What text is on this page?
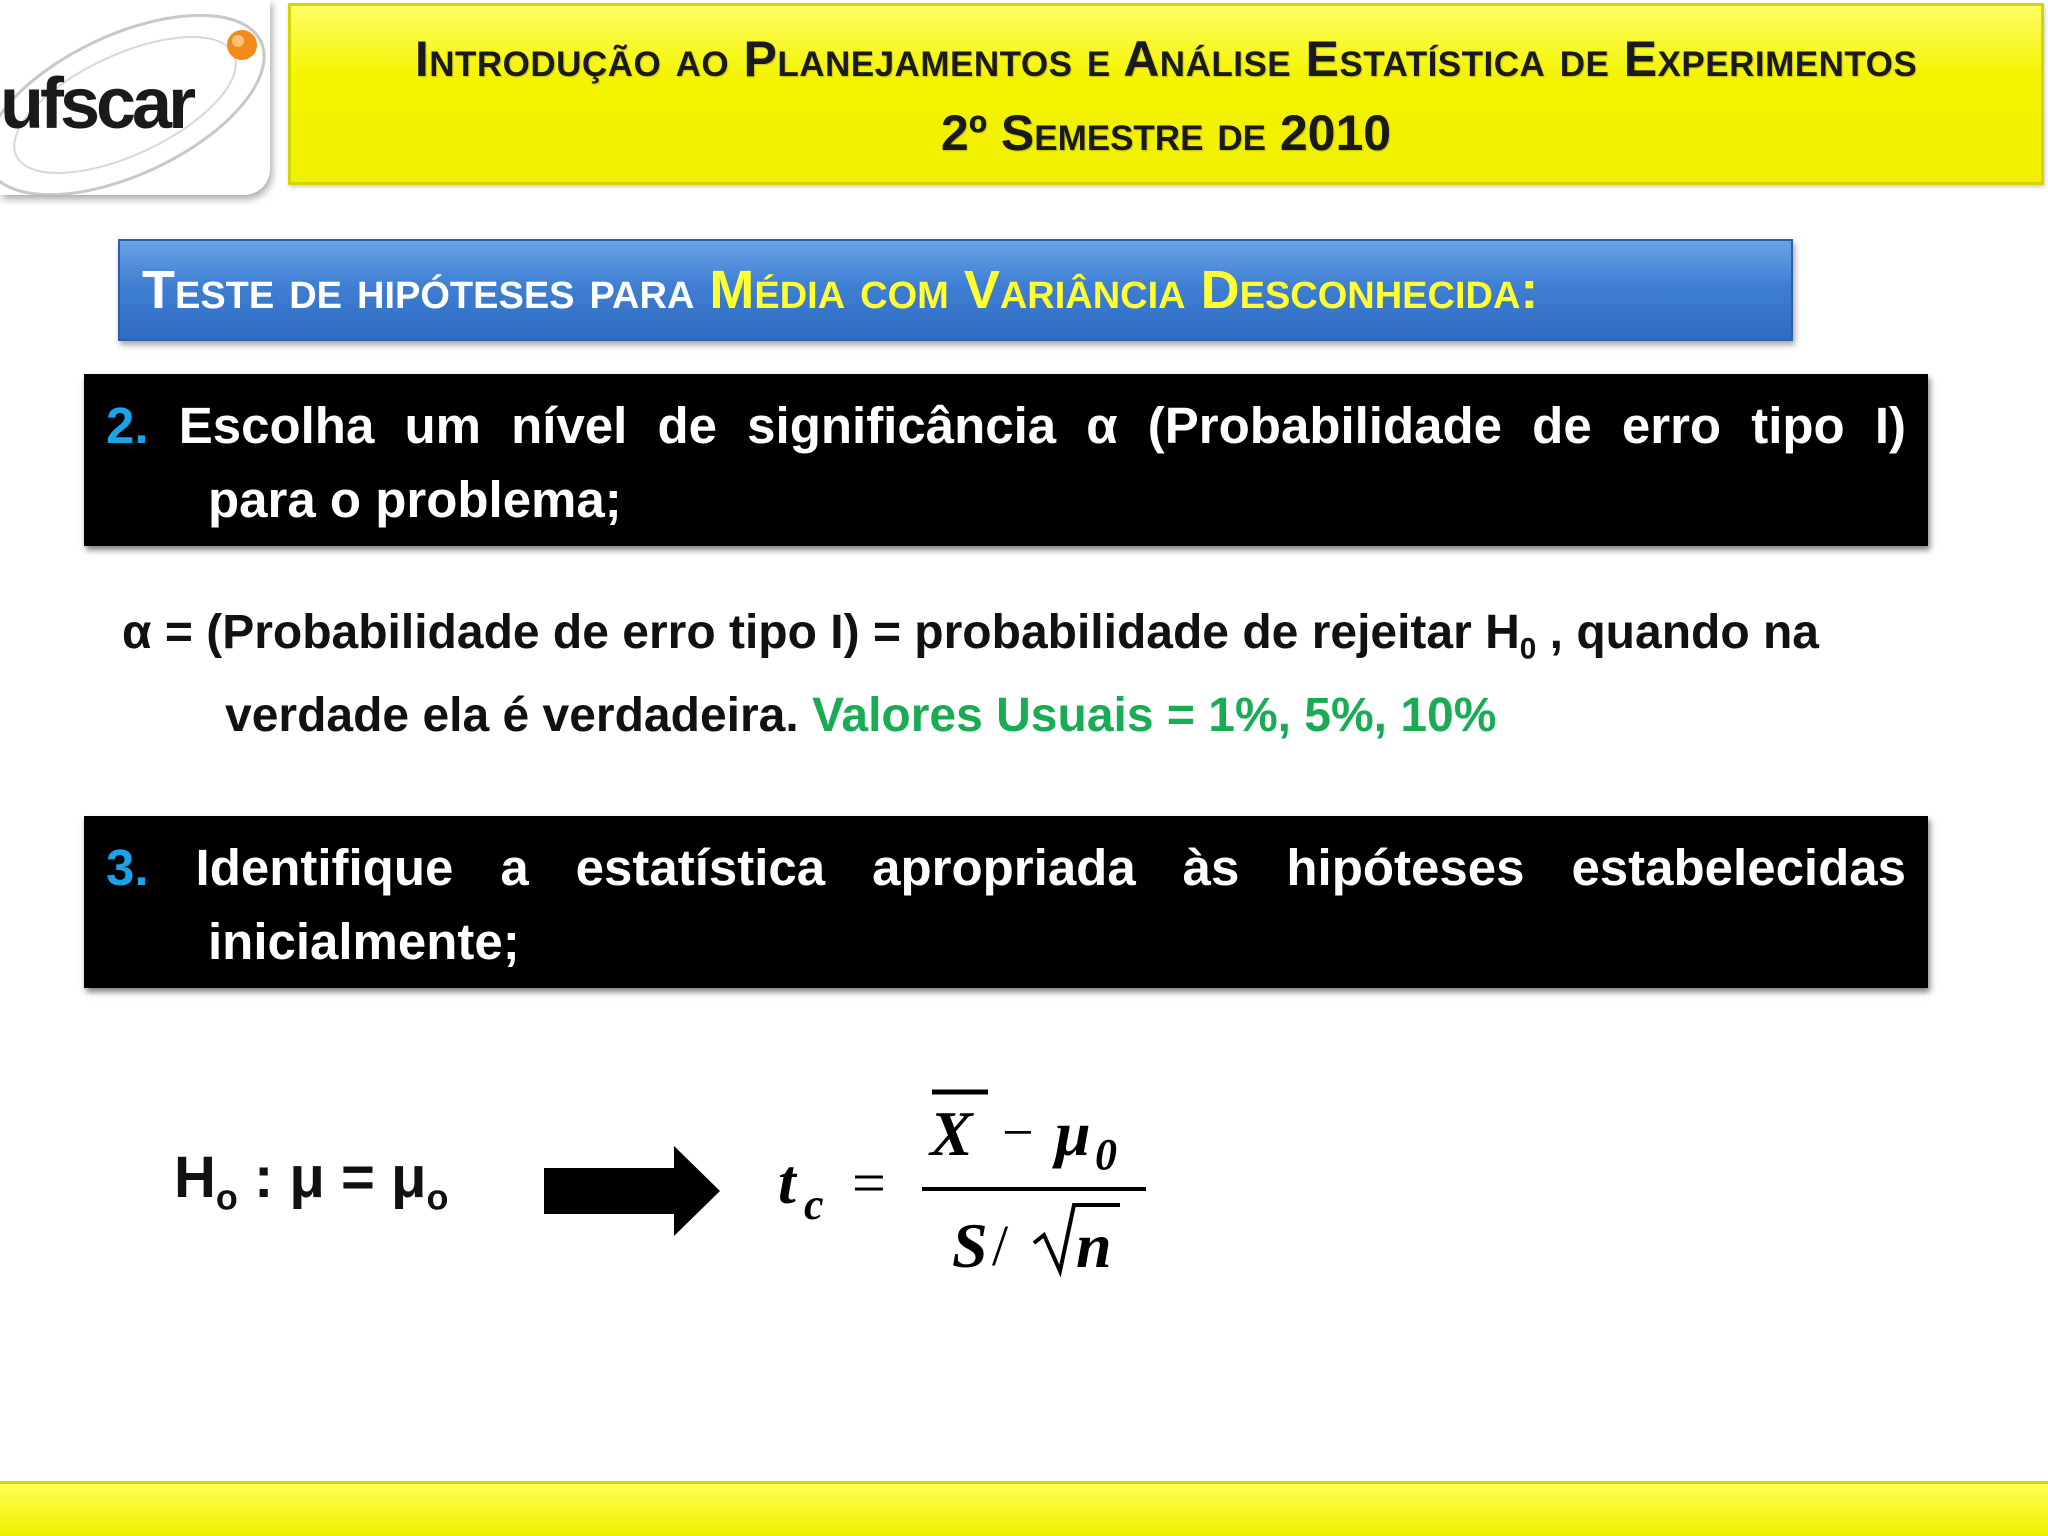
ufscar
Introdução ao Planejamentos e Análise Estatística de Experimentos
2º Semestre de 2010
Teste de hipóteses para Média com Variância Desconhecida:
2. Escolha um nível de significância α (Probabilidade de erro tipo I)
para o problema;
α = (Probabilidade de erro tipo I) = probabilidade de rejeitar $H_0$ , quando na
verdade ela é verdadeira. Valores Usuais = 1%, 5%, 10%
3. Identifique a estatística apropriada às hipóteses estabelecidas
inicialmente;
$H_o$ : $\mu = \mu_o$	t c =
X − μ 0
S / n
